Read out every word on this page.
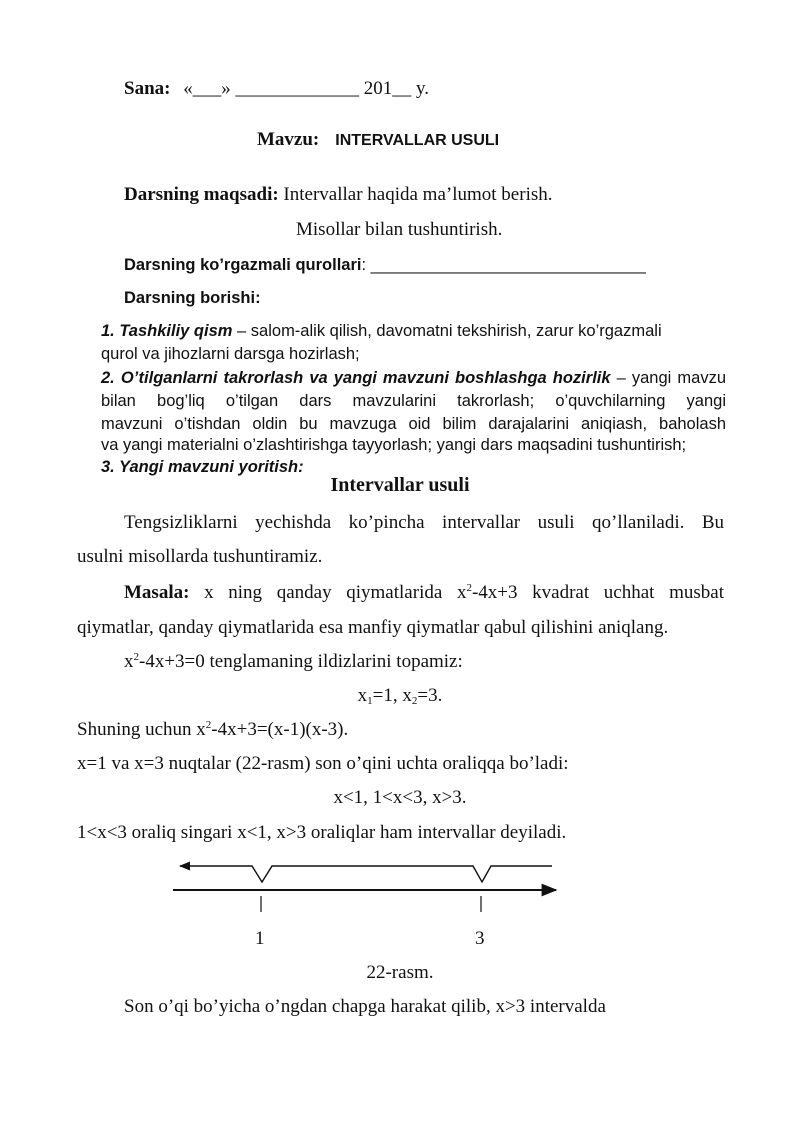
Sana: «___» _____________ 201__ y.
Mavzu: INTERVALLAR USULI
Darsning maqsadi: Intervallar haqida ma’lumot berish.
Misollar bilan tushuntirish.
Darsning ko’rgazmali qurollari: ______________________________
Darsning borishi:
1. Tashkiliy qism – salom-alik qilish, davomatni tekshirish, zarur ko’rgazmali
qurol va jihozlarni darsga hozirlash;
2. O’tilganlarni takrorlash va yangi mavzuni boshlashga hozirlik – yangi mavzu
bilan bog’liq o’tilgan dars mavzularini takrorlash; o’quvchilarning yangi
mavzuni o’tishdan oldin bu mavzuga oid bilim darajalarini aniqiash, baholash
va yangi materialni o’zlashtirishga tayyorlash; yangi dars maqsadini tushuntirish;
3. Yangi mavzuni yoritish:
Intervallar usuli
Tengsizliklarni yechishda ko’pincha intervallar usuli qo’llaniladi. Bu
usulni misollarda tushuntiramiz.
Masala: x ning qanday qiymatlarida $x^2-4x+3$ kvadrat uchhat musbat
qiymatlar, qanday qiymatlarida esa manfiy qiymatlar qabul qilishini aniqlang.
$x^2-4x+3=0$ tenglamaning ildizlarini topamiz:
$x_1=1$, $x_2=3$.
Shuning uchun $x^2-4x+3=(x-1)(x-3)$.
x=1 va x=3 nuqtalar (22-rasm) son o’qini uchta oraliqqa bo’ladi:
x<1, 1<x<3, x>3.
1<x<3 oraliq singari x<1, x>3 oraliqlar ham intervallar deyiladi.
1	3
22-rasm.
Son o’qi bo’yicha o’ngdan chapga harakat qilib, x>3 intervalda
